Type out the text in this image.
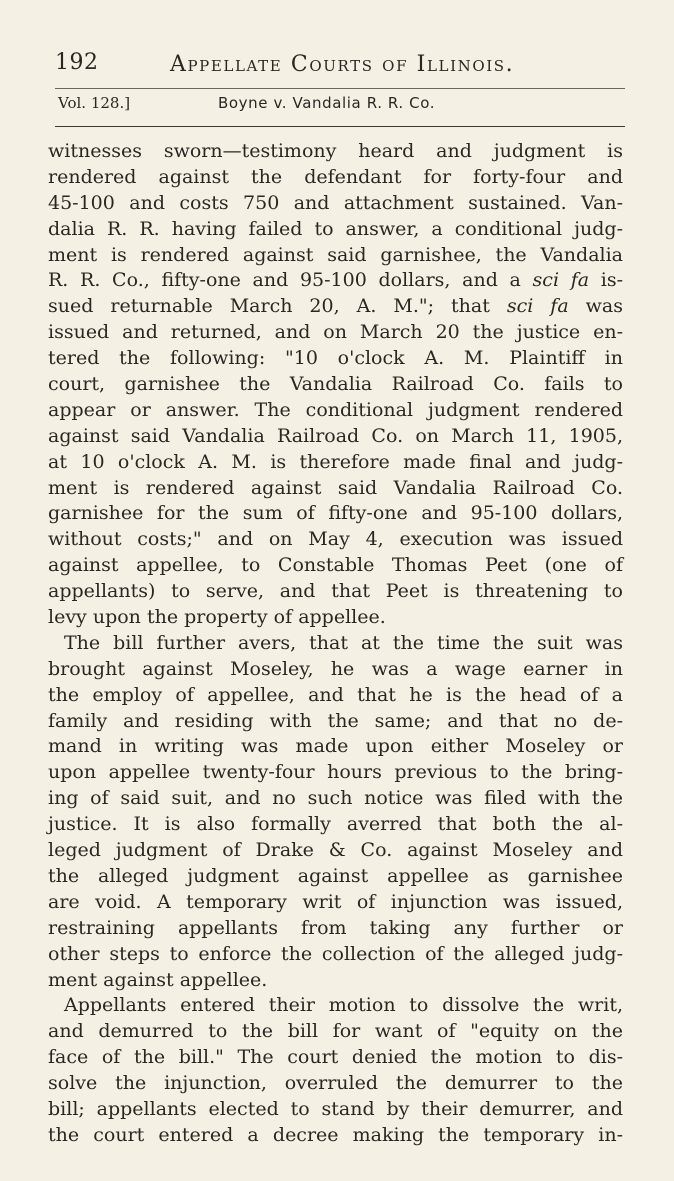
192	Appellate Courts of Illinois.
Vol. 128.]	Boyne v. Vandalia R. R. Co.
witnesses sworn—testimony heard and judgment is
rendered against the defendant for forty-four and
45-100 and costs 750 and attachment sustained. Van-
dalia R. R. having failed to answer, a conditional judg-
ment is rendered against said garnishee, the Vandalia
R. R. Co., fifty-one and 95-100 dollars, and a sci fa is-
sued returnable March 20, A. M."; that sci fa was
issued and returned, and on March 20 the justice en-
tered the following: "10 o'clock A. M. Plaintiff in
court, garnishee the Vandalia Railroad Co. fails to
appear or answer. The conditional judgment rendered
against said Vandalia Railroad Co. on March 11, 1905,
at 10 o'clock A. M. is therefore made final and judg-
ment is rendered against said Vandalia Railroad Co.
garnishee for the sum of fifty-one and 95-100 dollars,
without costs;" and on May 4, execution was issued
against appellee, to Constable Thomas Peet (one of
appellants) to serve, and that Peet is threatening to
levy upon the property of appellee.
The bill further avers, that at the time the suit was
brought against Moseley, he was a wage earner in
the employ of appellee, and that he is the head of a
family and residing with the same; and that no de-
mand in writing was made upon either Moseley or
upon appellee twenty-four hours previous to the bring-
ing of said suit, and no such notice was filed with the
justice. It is also formally averred that both the al-
leged judgment of Drake & Co. against Moseley and
the alleged judgment against appellee as garnishee
are void. A temporary writ of injunction was issued,
restraining appellants from taking any further or
other steps to enforce the collection of the alleged judg-
ment against appellee.
Appellants entered their motion to dissolve the writ,
and demurred to the bill for want of "equity on the
face of the bill." The court denied the motion to dis-
solve the injunction, overruled the demurrer to the
bill; appellants elected to stand by their demurrer, and
the court entered a decree making the temporary in-
